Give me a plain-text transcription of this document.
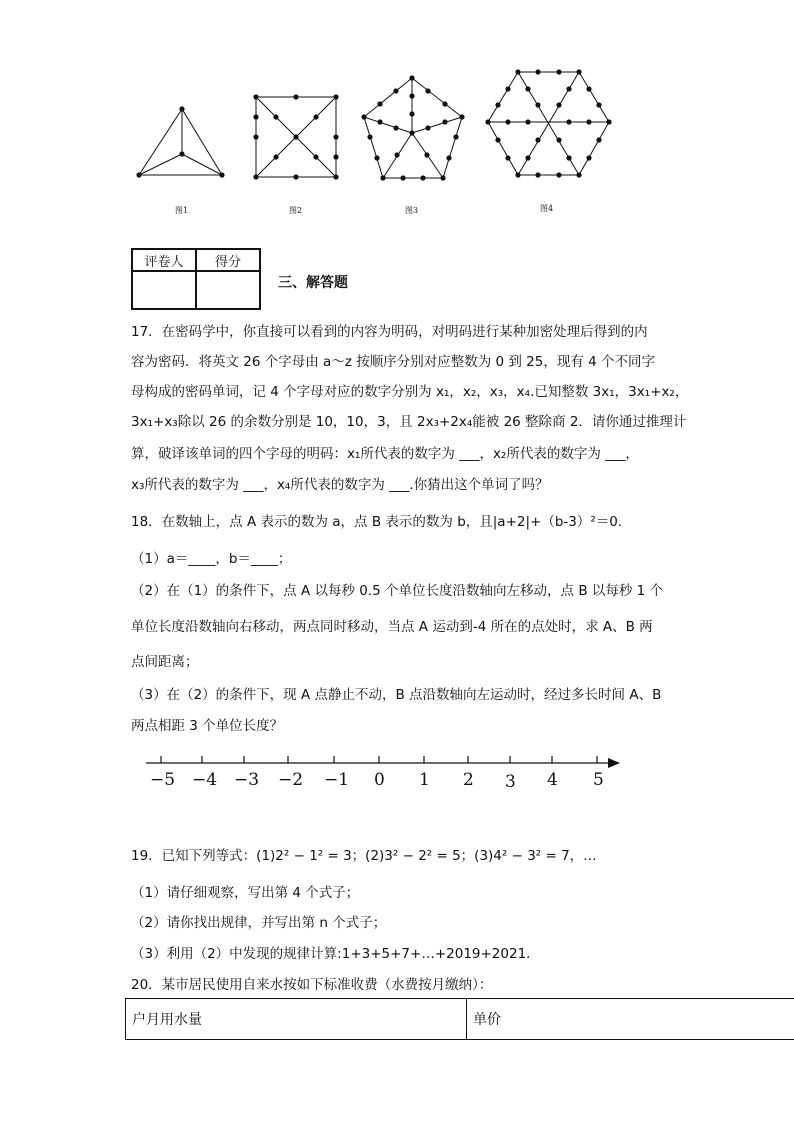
图1	图2	图3	图4
评卷人	得分

三、解答题
17．在密码学中，你直接可以看到的内容为明码，对明码进行某种加密处理后得到的内
容为密码．将英文 26 个字母由 a～z 按顺序分别对应整数为 0 到 25，现有 4 个不同字
母构成的密码单词，记 4 个字母对应的数字分别为 x₁，x₂，x₃，x₄.已知整数 3x₁，3x₁+x₂，
3x₁+x₃除以 26 的余数分别是 10，10，3，且 2x₃+2x₄能被 26 整除商 2．请你通过推理计
算，破译该单词的四个字母的明码：x₁所代表的数字为 ___，x₂所代表的数字为 ___，
x₃所代表的数字为 ___，x₄所代表的数字为 ___.你猜出这个单词了吗？
18．在数轴上，点 A 表示的数为 a，点 B 表示的数为 b，且|a+2|+（b-3）²＝0．
（1）a＝____，b＝____；
（2）在（1）的条件下，点 A 以每秒 0.5 个单位长度沿数轴向左移动，点 B 以每秒 1 个
单位长度沿数轴向右移动，两点同时移动，当点 A 运动到-4 所在的点处时，求 A、B 两
点间距离；
（3）在（2）的条件下，现 A 点静止不动，B 点沿数轴向左运动时，经过多长时间 A、B
两点相距 3 个单位长度？
−5 −4 −3 −2 −1 0 1 2 3 4 5
19．已知下列等式：(1)2² − 1² = 3；(2)3² − 2² = 5；(3)4² − 3² = 7，…
（1）请仔细观察，写出第 4 个式子；
（2）请你找出规律，并写出第 n 个式子；
（3）利用（2）中发现的规律计算:1+3+5+7+…+2019+2021．
20．某市居民使用自来水按如下标准收费（水费按月缴纳）：
户月用水量	单价
